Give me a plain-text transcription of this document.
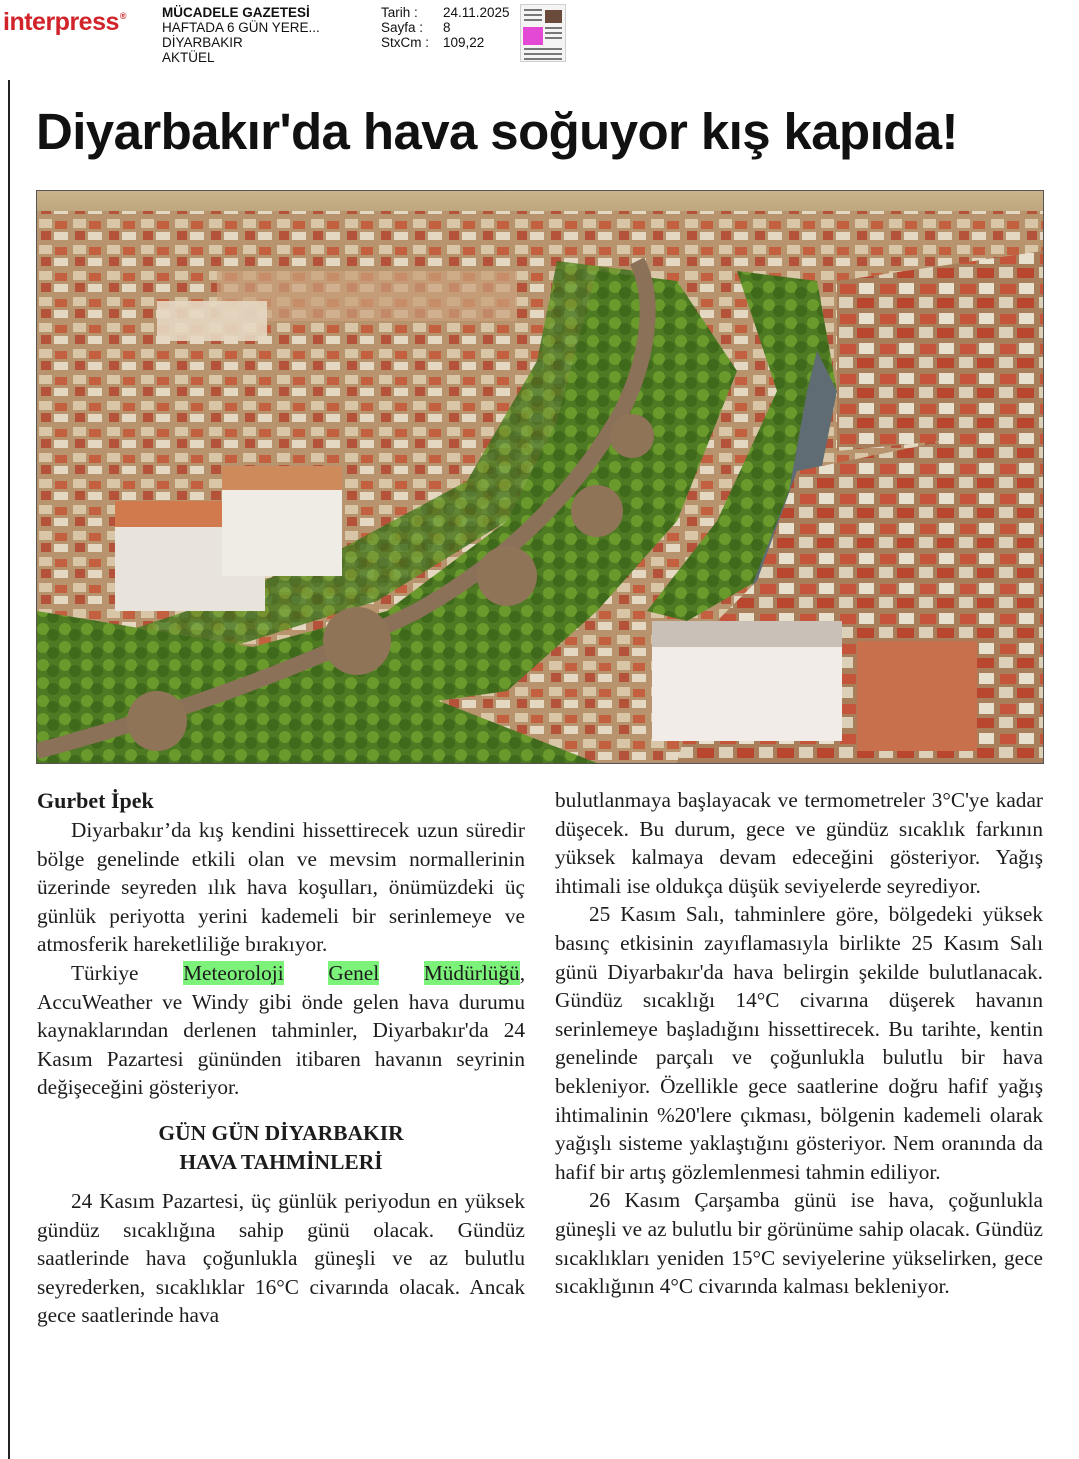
interpress®	MÜCADELE GAZETESİ
HAFTADA 6 GÜN YERE...
DİYARBAKIR
AKTÜEL
Tarih :	24.11.2025
Sayfa :	8
StxCm :	109,22
Diyarbakır'da hava soğuyor kış kapıda!

Gurbet İpek

Diyarbakır’da kış kendini hissettirecek uzun süredir bölge genelinde etkili olan ve mevsim normallerinin üzerinde seyreden ılık hava koşulları, önümüzdeki üç günlük periyotta yerini kademeli bir serinlemeye ve atmosferik hareketliliğe bırakıyor.

Türkiye Meteoroloji Genel Müdürlüğü, AccuWeather ve Windy gibi önde gelen hava durumu kaynaklarından derlenen tahminler, Diyarbakır'da 24 Kasım Pazartesi gününden itibaren havanın seyrinin değişeceğini gösteriyor.

GÜN GÜN DİYARBAKIR
HAVA TAHMİNLERİ

24 Kasım Pazartesi, üç günlük periyodun en yüksek gündüz sıcaklığına sahip günü olacak. Gündüz saatlerinde hava çoğunlukla güneşli ve az bulutlu seyrederken, sıcaklıklar 16°C civarında olacak. Ancak gece saatlerinde hava

bulutlanmaya başlayacak ve termometreler 3°C'ye kadar düşecek. Bu durum, gece ve gündüz sıcaklık farkının yüksek kalmaya devam edeceğini gösteriyor. Yağış ihtimali ise oldukça düşük seviyelerde seyrediyor.

25 Kasım Salı, tahminlere göre, bölgedeki yüksek basınç etkisinin zayıflamasıyla birlikte 25 Kasım Salı günü Diyarbakır'da hava belirgin şekilde bulutlanacak. Gündüz sıcaklığı 14°C civarına düşerek havanın serinlemeye başladığını hissettirecek. Bu tarihte, kentin genelinde parçalı ve çoğunlukla bulutlu bir hava bekleniyor. Özellikle gece saatlerine doğru hafif yağış ihtimalinin %20'lere çıkması, bölgenin kademeli olarak yağışlı sisteme yaklaştığını gösteriyor. Nem oranında da hafif bir artış gözlemlenmesi tahmin ediliyor.

26 Kasım Çarşamba günü ise hava, çoğunlukla güneşli ve az bulutlu bir görünüme sahip olacak. Gündüz sıcaklıkları yeniden 15°C seviyelerine yükselirken, gece sıcaklığının 4°C civarında kalması bekleniyor.
